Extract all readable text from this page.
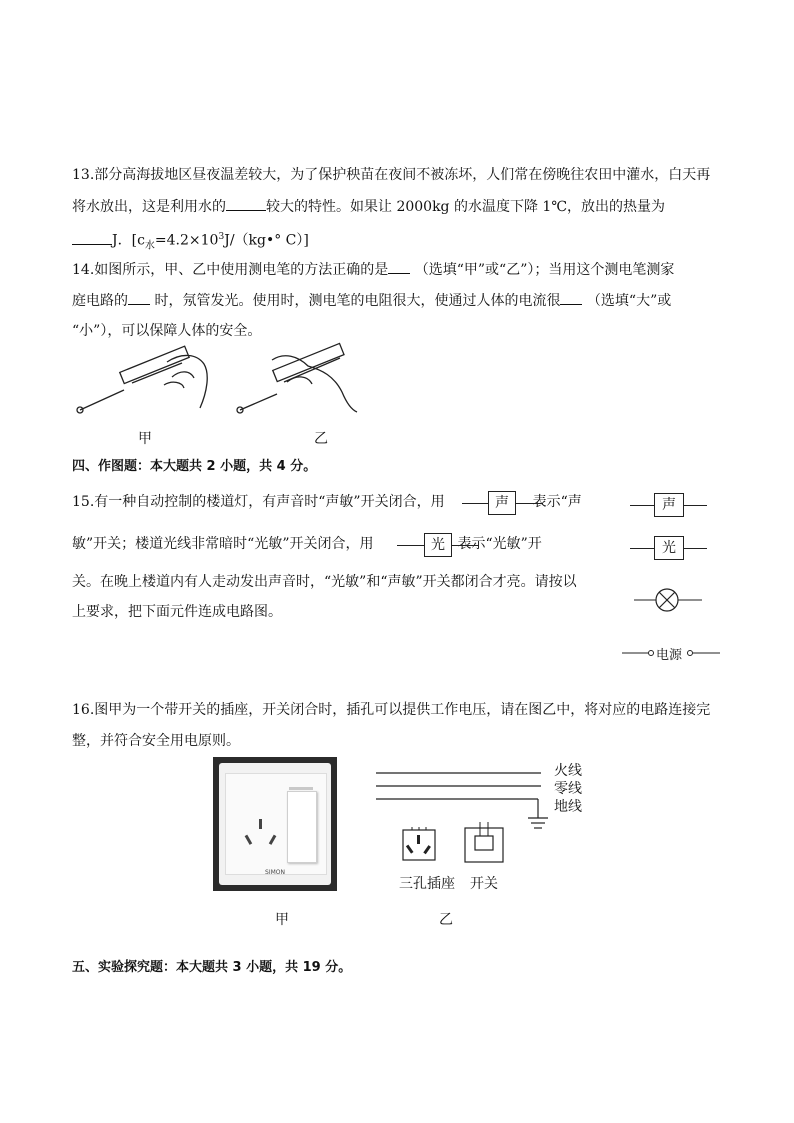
13.部分高海拔地区昼夜温差较大，为了保护秧苗在夜间不被冻坏，人们常在傍晚往农田中灌水，白天再
将水放出，这是利用水的	较大的特性。如果让 2000kg 的水温度下降 1℃，放出的热量为
J．[$c_水=4.2\times 10^3J/(kg•^\circ$ C）]
14.如图所示，甲、乙中使用测电笔的方法正确的是 （选填“甲”或“乙”）；当用这个测电笔测家
庭电路的 时，氖管发光。使用时，测电笔的电阻很大，使通过人体的电流很 （选填“大”或
“小”），可以保障人体的安全。
甲	乙
四、作图题：本大题共 2 小题，共 4 分。
15.有一种自动控制的楼道灯，有声音时“声敏”开关闭合，用	表示“声
声
敏”开关；楼道光线非常暗时“光敏”开关闭合，用	表示“光敏”开
光
关。在晚上楼道内有人走动发出声音时，“光敏”和“声敏”开关都闭合才亮。请按以
上要求，把下面元件连成电路图。
声
光
电源
16.图甲为一个带开关的插座，开关闭合时，插孔可以提供工作电压，请在图乙中，将对应的电路连接完
整，并符合安全用电原则。
SIMON
火线
零线
地线
三孔插座 开关
甲	乙
五、实验探究题：本大题共 3 小题，共 19 分。
